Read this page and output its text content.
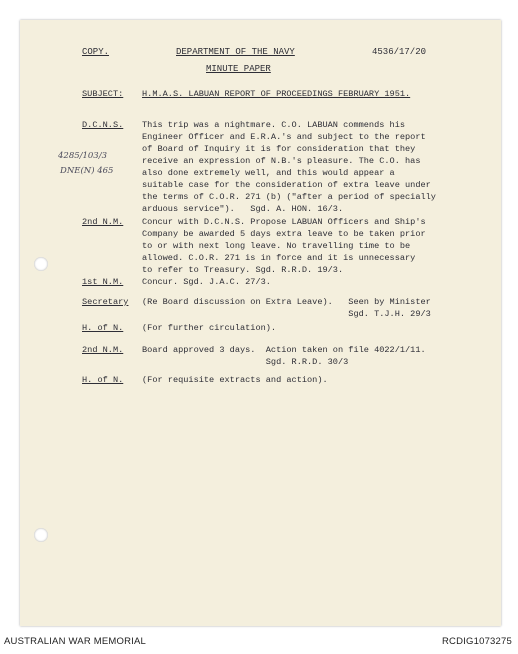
COPY.	DEPARTMENT OF THE NAVY	4536/17/20
MINUTE PAPER
SUBJECT: H.M.A.S. LABUAN REPORT OF PROCEEDINGS FEBRUARY 1951.
4285/103/3
DNE(N) 465
D.C.N.S. This trip was a nightmare. C.O. LABUAN commends his
Engineer Officer and E.R.A.'s and subject to the report
of Board of Inquiry it is for consideration that they
receive an expression of N.B.'s pleasure. The C.O. has
also done extremely well, and this would appear a
suitable case for the consideration of extra leave under
the terms of C.O.R. 271 (b) ("after a period of specially
arduous service").   Sgd. A. HON. 16/3.
2nd N.M. Concur with D.C.N.S. Propose LABUAN Officers and Ship's
Company be awarded 5 days extra leave to be taken prior
to or with next long leave. No travelling time to be
allowed. C.O.R. 271 is in force and it is unnecessary
to refer to Treasury. Sgd. R.R.D. 19/3.
1st N.M. Concur. Sgd. J.A.C. 27/3.
Secretary (Re Board discussion on Extra Leave).   Seen by Minister
Sgd. T.J.H. 29/3
H. of N. (For further circulation).
2nd N.M. Board approved 3 days.  Action taken on file 4022/1/11.
Sgd. R.R.D. 30/3
H. of N. (For requisite extracts and action).
AUSTRALIAN WAR MEMORIAL	RCDIG1073275
